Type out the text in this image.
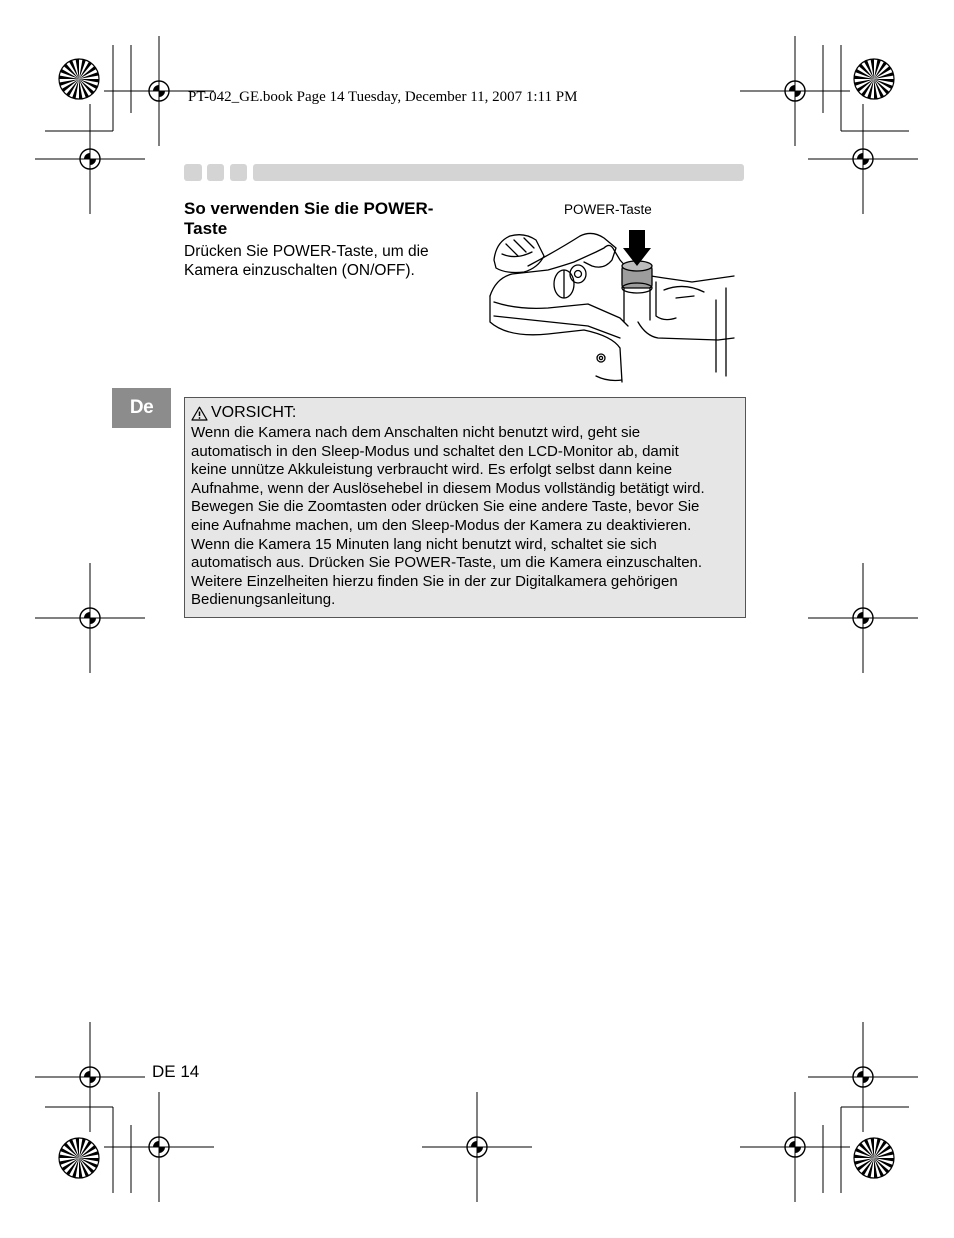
PT-042_GE.book Page 14 Tuesday, December 11, 2007 1:11 PM
So verwenden Sie die POWER-Taste
Drücken Sie POWER-Taste, um die Kamera einzuschalten (ON/OFF).
POWER-Taste
De	VORSICHT:

Wenn die Kamera nach dem Anschalten nicht benutzt wird, geht sie

automatisch in den Sleep-Modus und schaltet den LCD-Monitor ab, damit

keine unnütze Akkuleistung verbraucht wird. Es erfolgt selbst dann keine

Aufnahme, wenn der Auslösehebel in diesem Modus vollständig betätigt wird.

Bewegen Sie die Zoomtasten oder drücken Sie eine andere Taste, bevor Sie

eine Aufnahme machen, um den Sleep-Modus der Kamera zu deaktivieren.

Wenn die Kamera 15 Minuten lang nicht benutzt wird, schaltet sie sich

automatisch aus. Drücken Sie POWER-Taste, um die Kamera einzuschalten.

Weitere Einzelheiten hierzu finden Sie in der zur Digitalkamera gehörigen

Bedienungsanleitung.

DE 14
